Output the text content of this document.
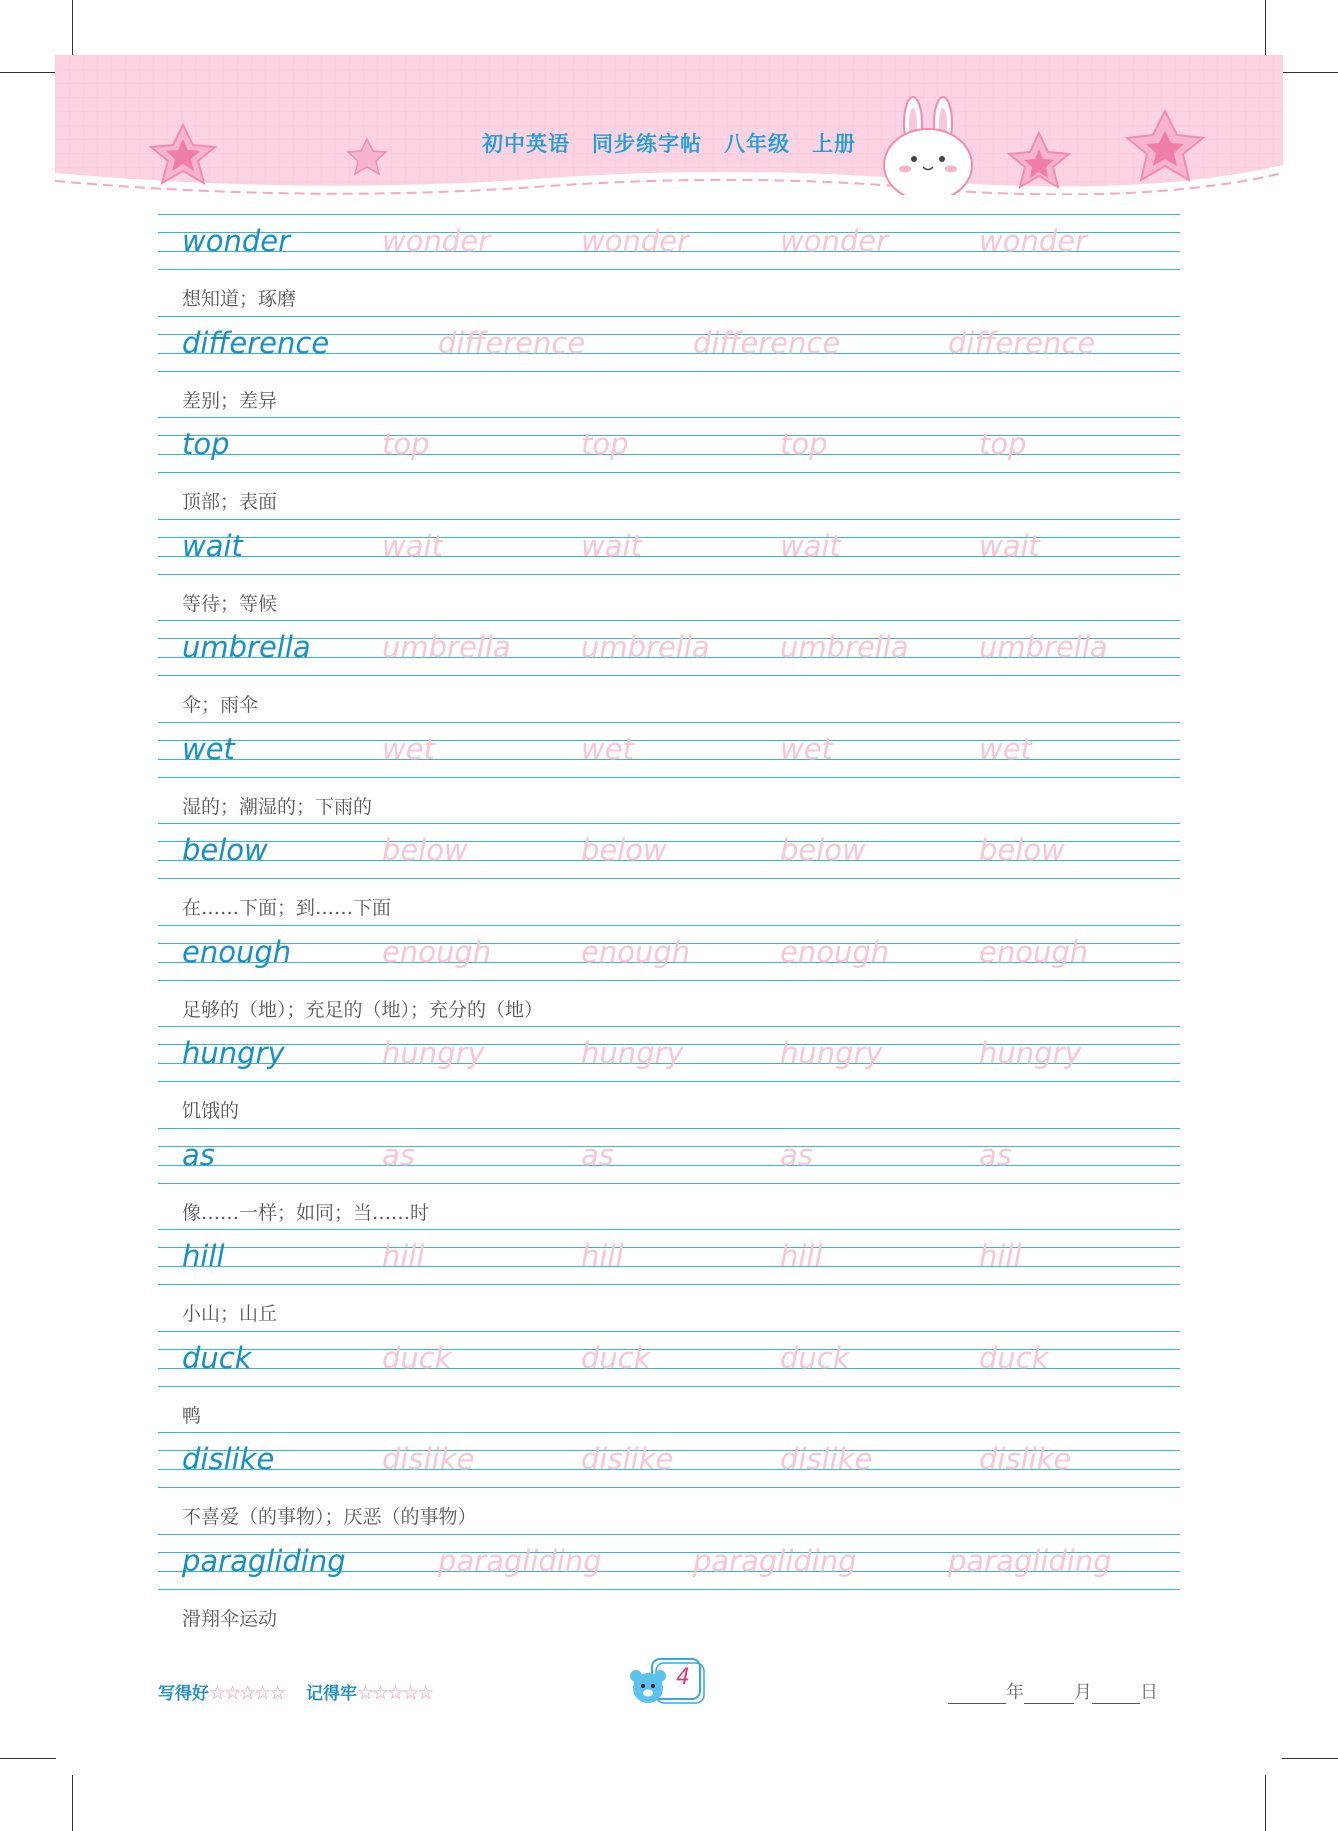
初中英语 同步练字帖 八年级 上册
wonder	wonder	wonder	wonder	wonder
想知道；琢磨
difference	difference	difference	difference
差别；差异
top	top	top	top	top
顶部；表面
wait	wait	wait	wait	wait
等待；等候
umbrella umbrella umbrella umbrella umbrella
伞；雨伞
wet	wet	wet	wet	wet
湿的；潮湿的；下雨的
below	below	below	below	below
在……下面；到……下面
enough	enough	enough	enough	enough
足够的（地）；充足的（地）；充分的（地）
hungry	hungry	hungry	hungry	hungry
饥饿的
as	as	as	as	as
像……一样；如同；当……时
hill	hill	hill	hill	hill
小山；山丘
duck	duck	duck	duck	duck
鸭
dislike	dislike	dislike	dislike	dislike
不喜爱（的事物）；厌恶（的事物）
paragliding	paragliding	paragliding	paragliding
滑翔伞运动
写得好☆☆☆☆☆ 记得牢☆☆☆☆☆
4
年	月	日
